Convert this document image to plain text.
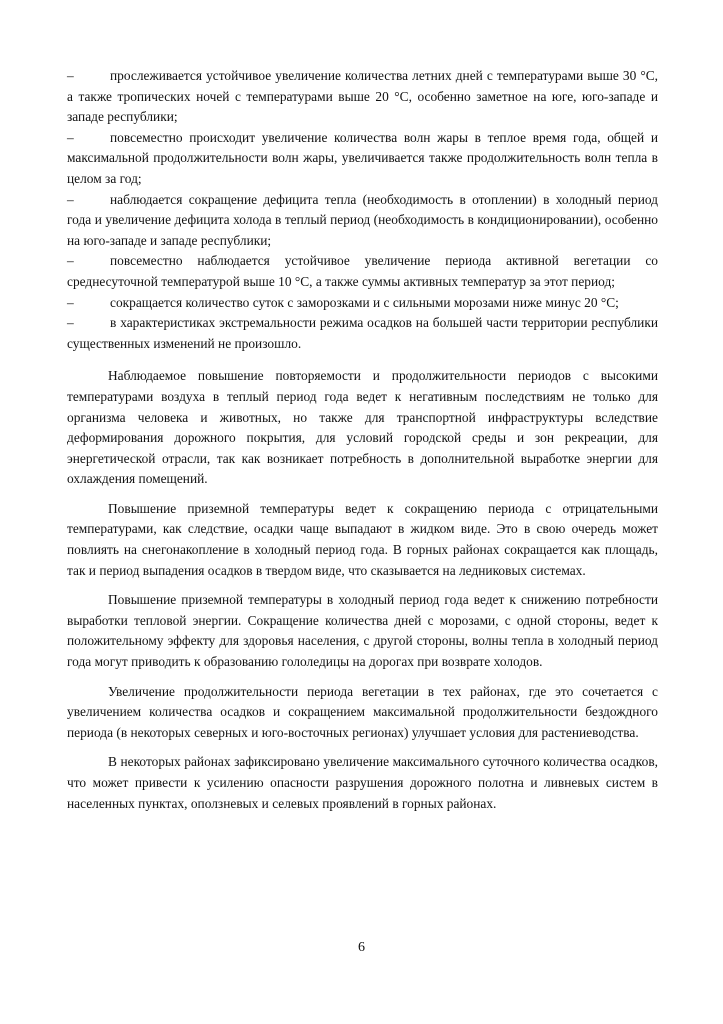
–	прослеживается устойчивое увеличение количества летних дней с температурами выше 30 °С, а также тропических ночей с температурами выше 20 °С, особенно заметное на юге, юго-западе и западе республики;

–	повсеместно происходит увеличение количества волн жары в теплое время года, общей и максимальной продолжительности волн жары, увеличивается также продолжительность волн тепла в целом за год;

–	наблюдается сокращение дефицита тепла (необходимость в отоплении) в холодный период года и увеличение дефицита холода в теплый период (необходимость в кондиционировании), особенно на юго-западе и западе республики;

–	повсеместно наблюдается устойчивое увеличение периода активной вегетации со среднесуточной температурой выше 10 °С, а также суммы активных температур за этот период;

–	сокращается количество суток с заморозками и с сильными морозами ниже минус 20 °С;

–	в характеристиках экстремальности режима осадков на большей части территории республики существенных изменений не произошло.

Наблюдаемое повышение повторяемости и продолжительности периодов с высокими температурами воздуха в теплый период года ведет к негативным последствиям не только для организма человека и животных, но также для транспортной инфраструктуры вследствие деформирования дорожного покрытия, для условий городской среды и зон рекреации, для энергетической отрасли, так как возникает потребность в дополнительной выработке энергии для охлаждения помещений.

Повышение приземной температуры ведет к сокращению периода с отрицательными температурами, как следствие, осадки чаще выпадают в жидком виде. Это в свою очередь может повлиять на снегонакопление в холодный период года. В горных районах сокращается как площадь, так и период выпадения осадков в твердом виде, что сказывается на ледниковых системах.

Повышение приземной температуры в холодный период года ведет к снижению потребности выработки тепловой энергии. Сокращение количества дней с морозами, с одной стороны, ведет к положительному эффекту для здоровья населения, с другой стороны, волны тепла в холодный период года могут приводить к образованию гололедицы на дорогах при возврате холодов.

Увеличение продолжительности периода вегетации в тех районах, где это сочетается с увеличением количества осадков и сокращением максимальной продолжительности бездождного периода (в некоторых северных и юго-восточных регионах) улучшает условия для растениеводства.

В некоторых районах зафиксировано увеличение максимального суточного количества осадков, что может привести к усилению опасности разрушения дорожного полотна и ливневых систем в населенных пунктах, оползневых и селевых проявлений в горных районах.

6
